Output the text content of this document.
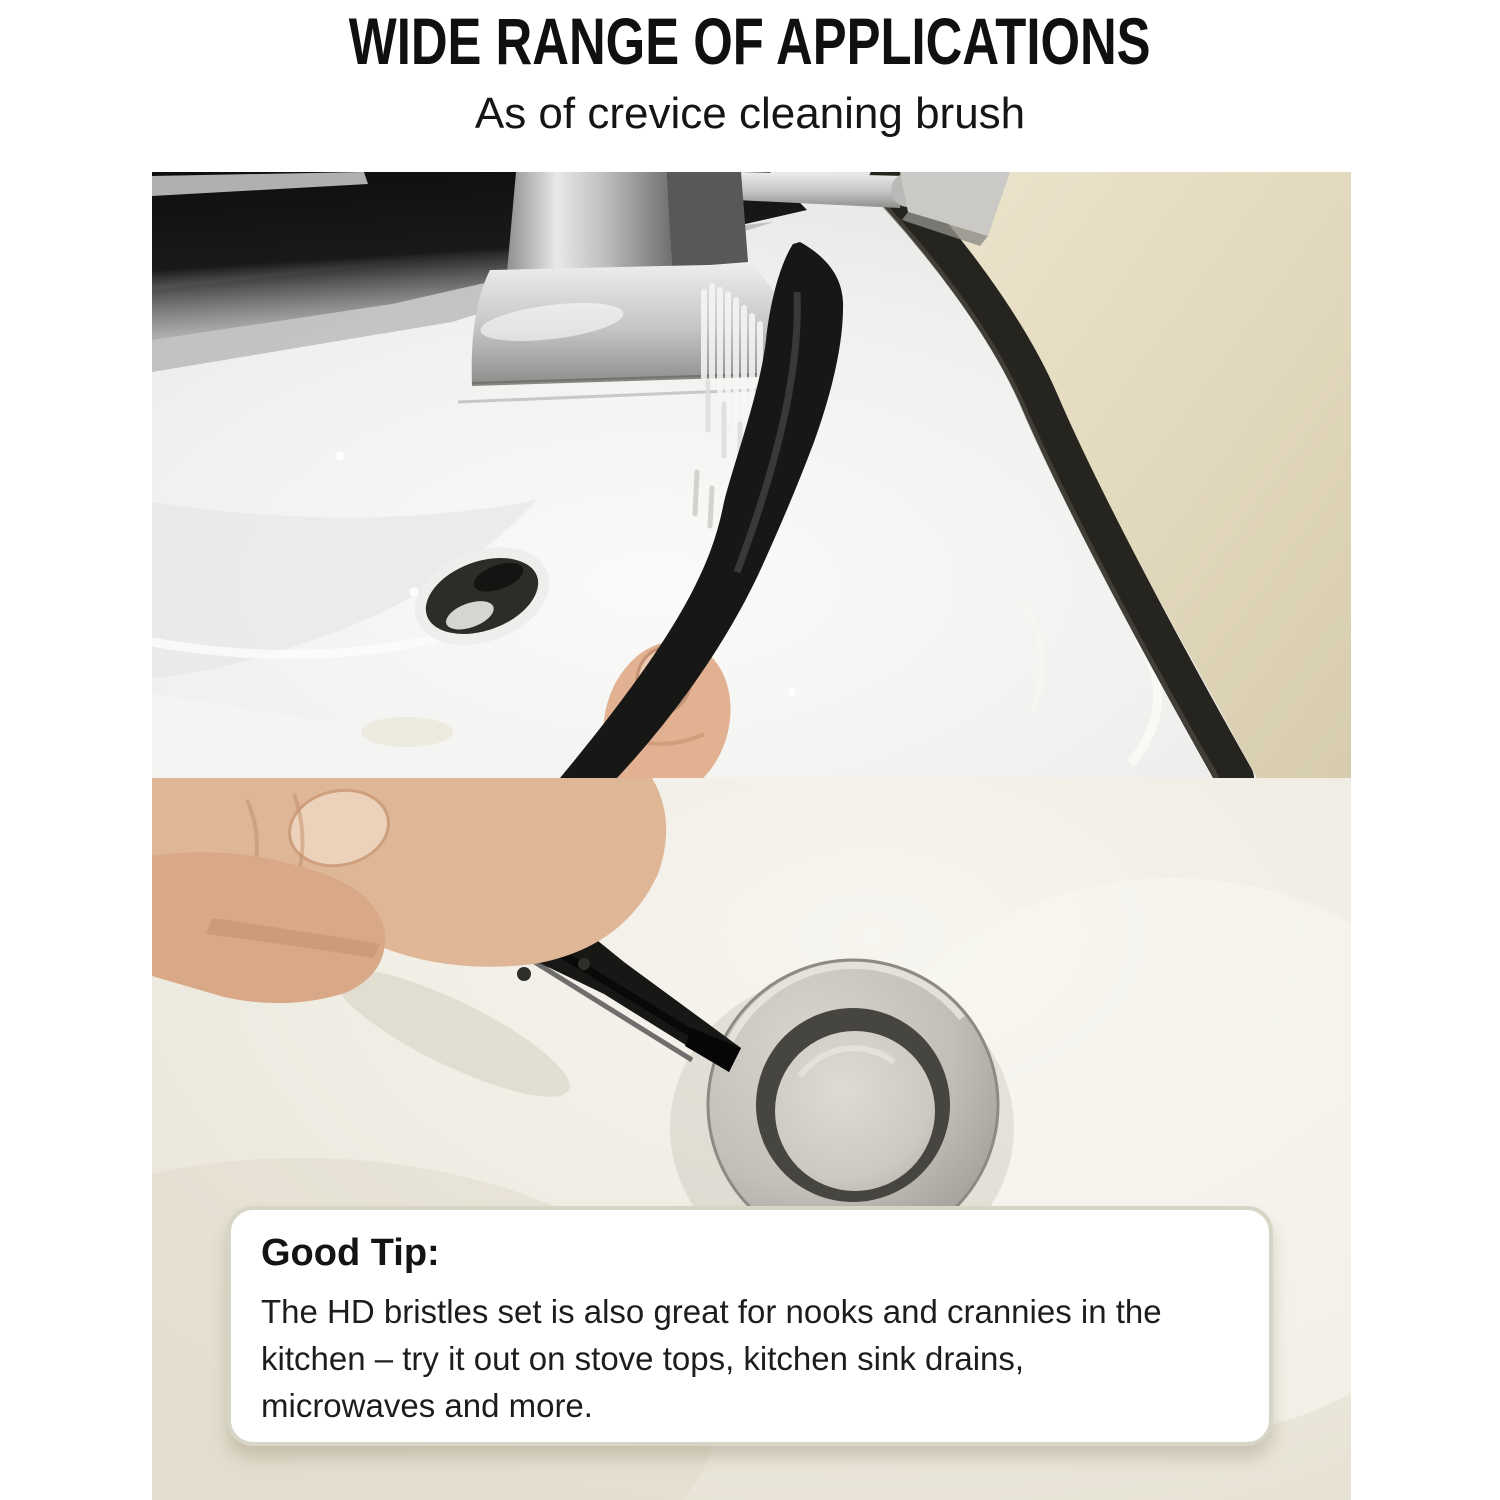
WIDE RANGE OF APPLICATIONS
As of crevice cleaning brush
Good Tip:
The HD bristles set is also great for nooks and crannies in the
kitchen – try it out on stove tops, kitchen sink drains,
microwaves and more.
